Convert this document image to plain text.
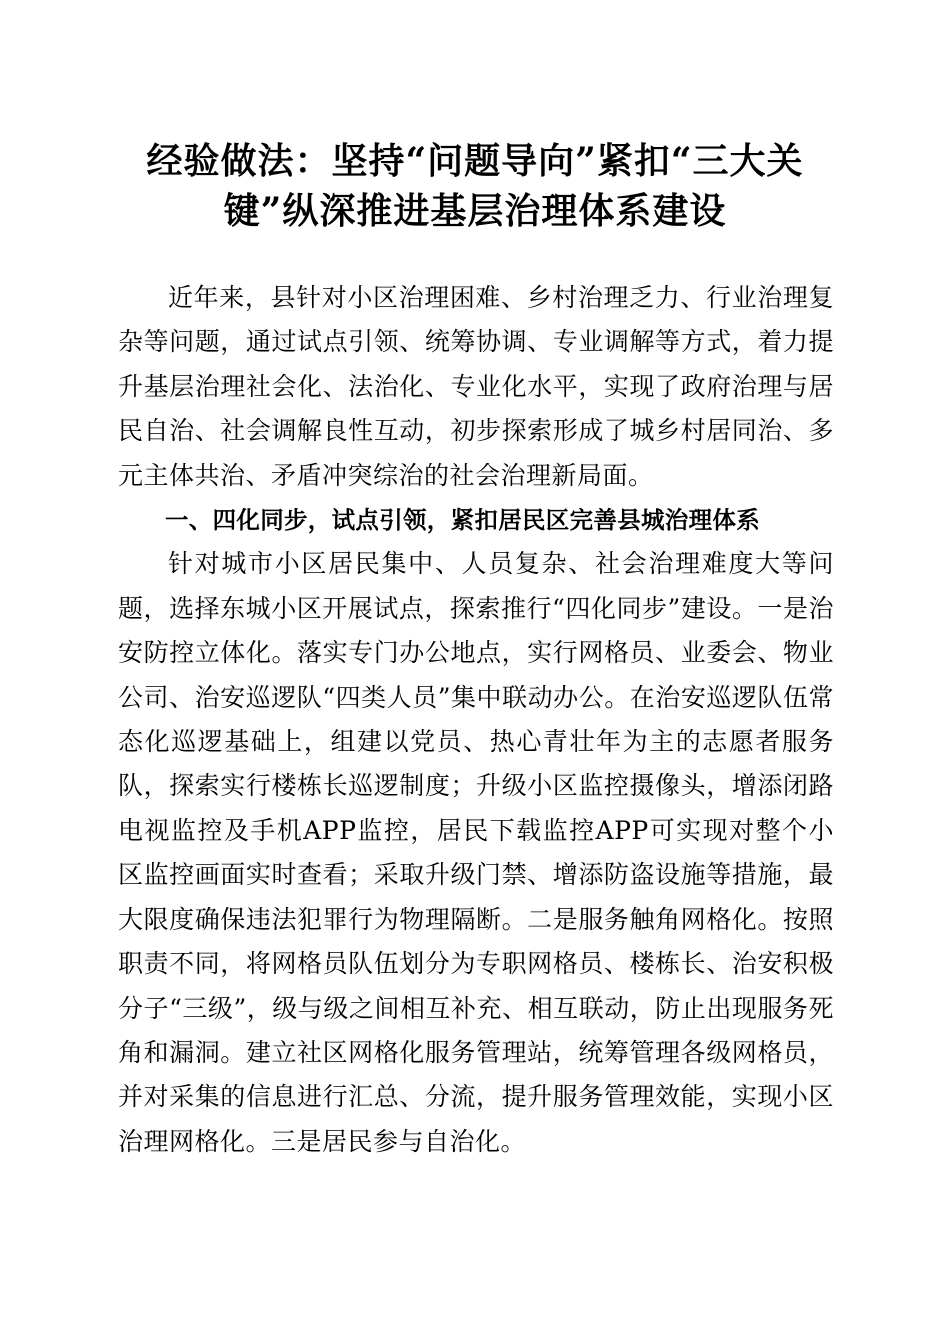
经验做法：坚持“问题导向”紧扣“三大关
键”纵深推进基层治理体系建设

近年来，县针对小区治理困难、乡村治理乏力、行业治理复杂等问题，通过试点引领、统筹协调、专业调解等方式，着力提升基层治理社会化、法治化、专业化水平，实现了政府治理与居民自治、社会调解良性互动，初步探索形成了城乡村居同治、多元主体共治、矛盾冲突综治的社会治理新局面。

一、四化同步，试点引领，紧扣居民区完善县城治理体系

针对城市小区居民集中、人员复杂、社会治理难度大等问题，选择东城小区开展试点，探索推行“四化同步”建设。一是治安防控立体化。落实专门办公地点，实行网格员、业委会、物业公司、治安巡逻队“四类人员”集中联动办公。在治安巡逻队伍常态化巡逻基础上，组建以党员、热心青壮年为主的志愿者服务队，探索实行楼栋长巡逻制度；升级小区监控摄像头，增添闭路电视监控及手机APP监控，居民下载监控APP可实现对整个小区监控画面实时查看；采取升级门禁、增添防盗设施等措施，最大限度确保违法犯罪行为物理隔断。二是服务触角网格化。按照职责不同，将网格员队伍划分为专职网格员、楼栋长、治安积极分子“三级”，级与级之间相互补充、相互联动，防止出现服务死角和漏洞。建立社区网格化服务管理站，统筹管理各级网格员，并对采集的信息进行汇总、分流，提升服务管理效能，实现小区治理网格化。三是居民参与自治化。
